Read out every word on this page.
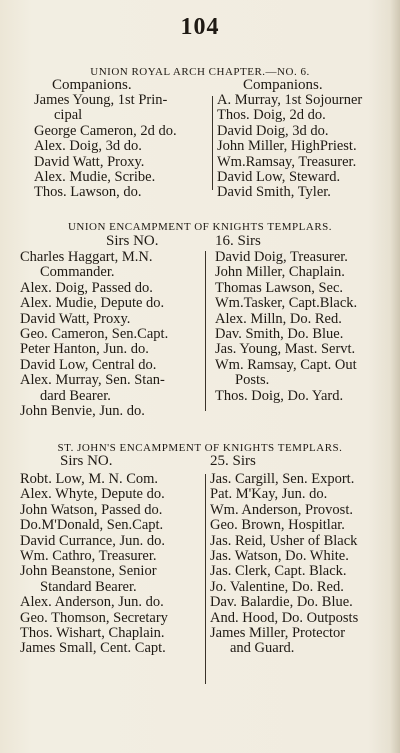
104
UNION ROYAL ARCH CHAPTER.—NO. 6.
Companions.	Companions.
James Young, 1st Prin-
cipal
George Cameron, 2d do.
Alex. Doig, 3d do.
David Watt, Proxy.
Alex. Mudie, Scribe.
Thos. Lawson, do.
A. Murray, 1st Sojourner
Thos. Doig, 2d do.
David Doig, 3d do.
John Miller, HighPriest.
Wm.Ramsay, Treasurer.
David Low, Steward.
David Smith, Tyler.
UNION ENCAMPMENT OF KNIGHTS TEMPLARS.
Sirs NO.	16. Sirs
Charles Haggart, M.N.
Commander.
Alex. Doig, Passed do.
Alex. Mudie, Depute do.
David Watt, Proxy.
Geo. Cameron, Sen.Capt.
Peter Hanton, Jun. do.
David Low, Central do.
Alex. Murray, Sen. Stan-
dard Bearer.
John Benvie, Jun. do.
David Doig, Treasurer.
John Miller, Chaplain.
Thomas Lawson, Sec.
Wm.Tasker, Capt.Black.
Alex. Milln, Do. Red.
Dav. Smith, Do. Blue.
Jas. Young, Mast. Servt.
Wm. Ramsay, Capt. Out
Posts.
Thos. Doig, Do. Yard.
ST. JOHN'S ENCAMPMENT OF KNIGHTS TEMPLARS.
Sirs NO.	25. Sirs
Robt. Low, M. N. Com.
Alex. Whyte, Depute do.
John Watson, Passed do.
Do.M'Donald, Sen.Capt.
David Currance, Jun. do.
Wm. Cathro, Treasurer.
John Beanstone, Senior
Standard Bearer.
Alex. Anderson, Jun. do.
Geo. Thomson, Secretary
Thos. Wishart, Chaplain.
James Small, Cent. Capt.
Jas. Cargill, Sen. Export.
Pat. M'Kay, Jun. do.
Wm. Anderson, Provost.
Geo. Brown, Hospitlar.
Jas. Reid, Usher of Black
Jas. Watson, Do. White.
Jas. Clerk, Capt. Black.
Jo. Valentine, Do. Red.
Dav. Balardie, Do. Blue.
And. Hood, Do. Outposts
James Miller, Protector
and Guard.
